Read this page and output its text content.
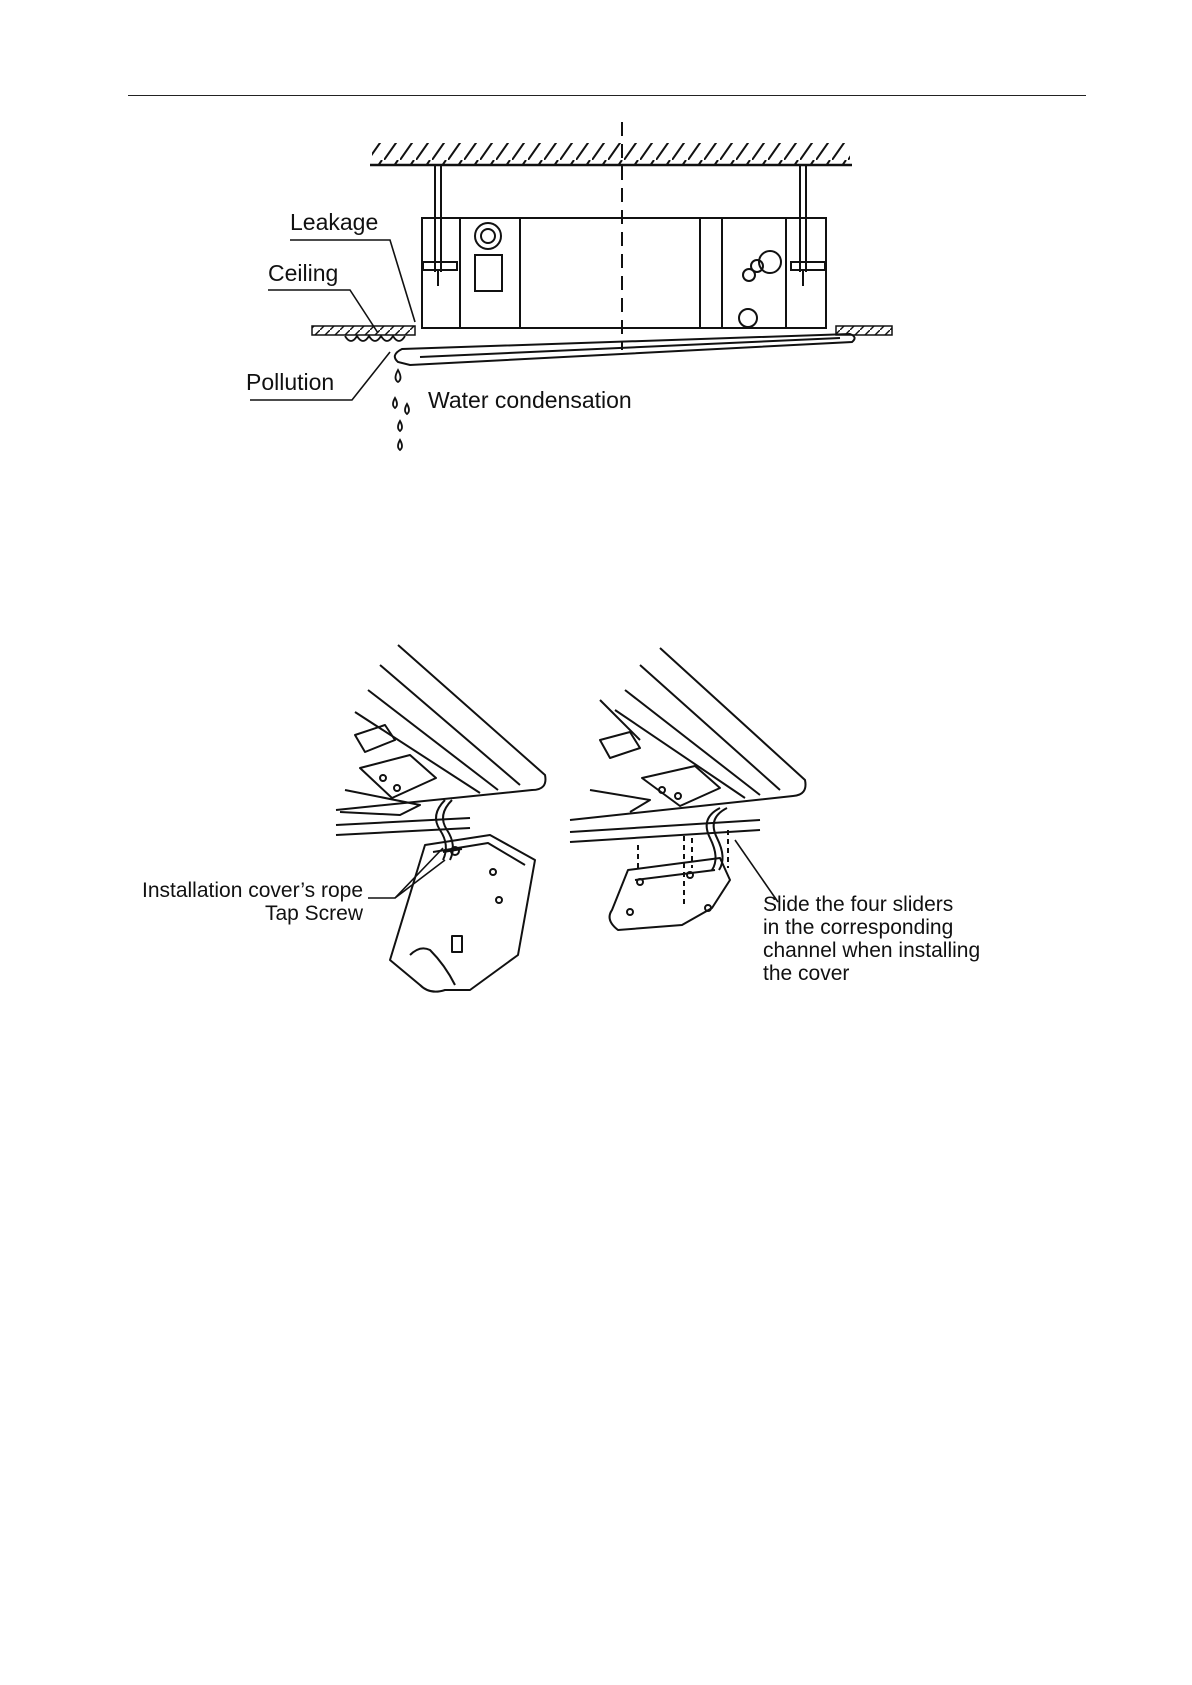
Leakage
Ceiling
Pollution
Water condensation
Installation cover’s rope
Tap Screw	Slide the four sliders
in the corresponding
channel when installing
the cover
